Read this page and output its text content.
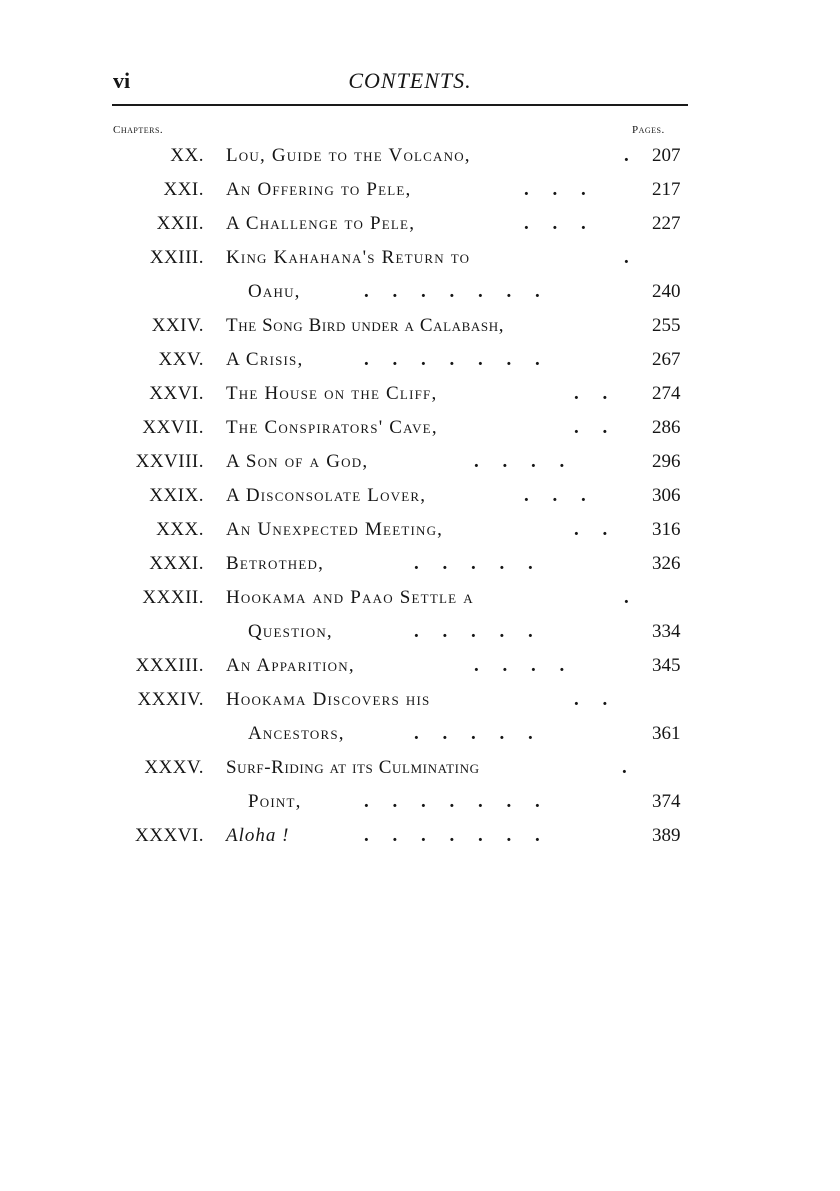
vi	CONTENTS.
Chapters.	Pages.
XX. Lou, Guide to the Volcano,	. 207
XXI. An Offering to Pele,	.     .     .	217
XXII. A Challenge to Pele,	.     .     .	227
XXIII. King Kahahana's Return to	.
Oahu,	.     .     .     .     .     .     .	240
XXIV. The Song Bird under a Calabash,	255
XXV. A Crisis,	.     .     .     .     .     .     .	267
XXVI. The House on the Cliff,	.     . 274
XXVII. The Conspirators' Cave,	.     . 286
XXVIII. A Son of a God,	.     .     .     .	296
XXIX. A Disconsolate Lover,	.     .     .	306
XXX. An Unexpected Meeting,	.     . 316
XXXI. Betrothed,	.     .     .     .     .	326
XXXII. Hookama and Paao Settle a	.
Question,	.     .     .     .     .	334
XXXIII. An Apparition,	.     .     .     .	345
XXXIV. Hookama Discovers his	.     .
Ancestors,	.     .     .     .     .	361
XXXV. Surf-Riding at its Culminating	.
Point,	.     .     .     .     .     .     .	374
XXXVI. Aloha !	.     .     .     .     .     .     .	389
